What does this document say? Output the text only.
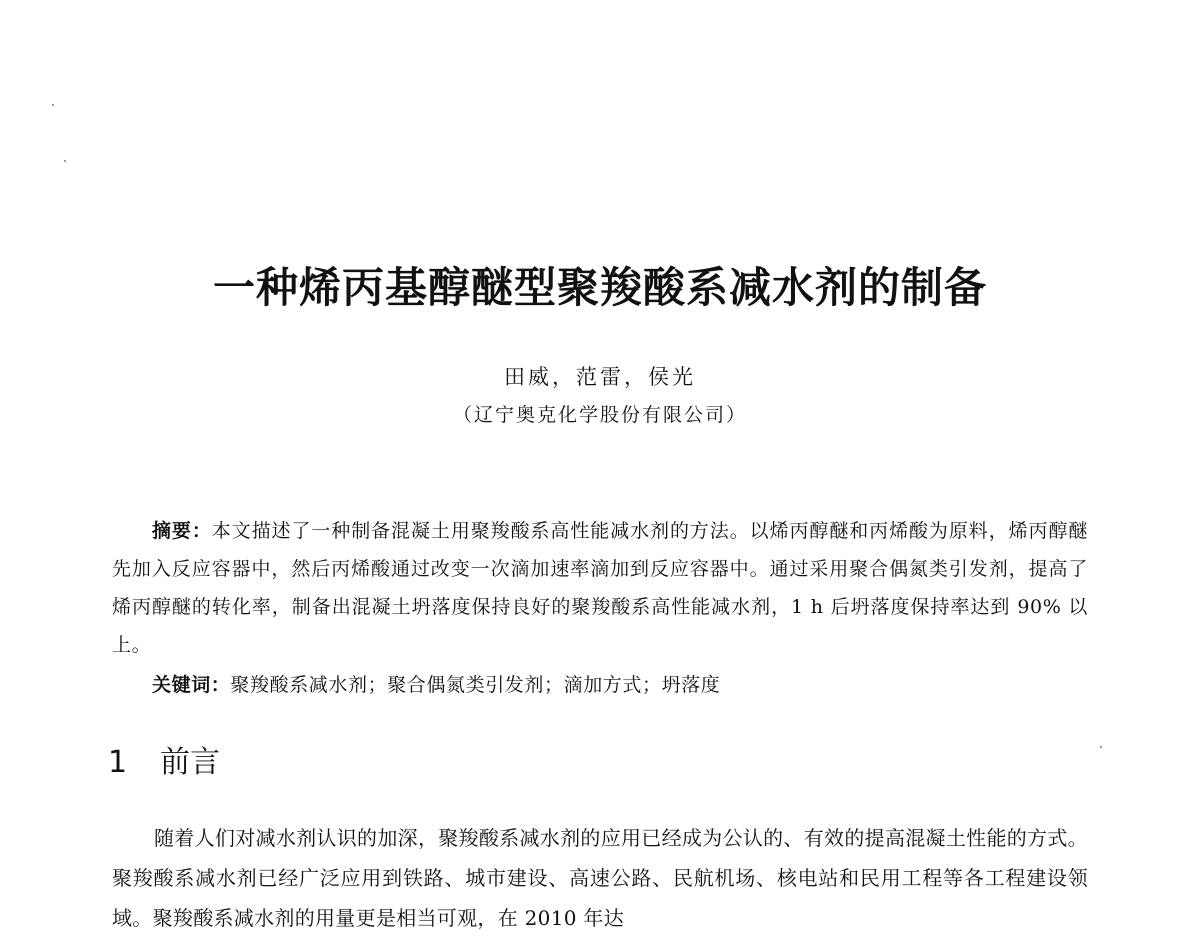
一种烯丙基醇醚型聚羧酸系减水剂的制备
田威，范雷，侯光
（辽宁奥克化学股份有限公司）

摘要：本文描述了一种制备混凝土用聚羧酸系高性能减水剂的方法。以烯丙醇醚和丙烯酸为原料，烯丙醇醚先加入反应容器中，然后丙烯酸通过改变一次滴加速率滴加到反应容器中。通过采用聚合偶氮类引发剂，提高了烯丙醇醚的转化率，制备出混凝土坍落度保持良好的聚羧酸系高性能减水剂，1 h 后坍落度保持率达到 90% 以上。

关键词：聚羧酸系减水剂；聚合偶氮类引发剂；滴加方式；坍落度

1 前言

随着人们对减水剂认识的加深，聚羧酸系减水剂的应用已经成为公认的、有效的提高混凝土性能的方式。聚羧酸系减水剂已经广泛应用到铁路、城市建设、高速公路、民航机场、核电站和民用工程等各工程建设领域。聚羧酸系减水剂的用量更是相当可观，在 2010 年达
